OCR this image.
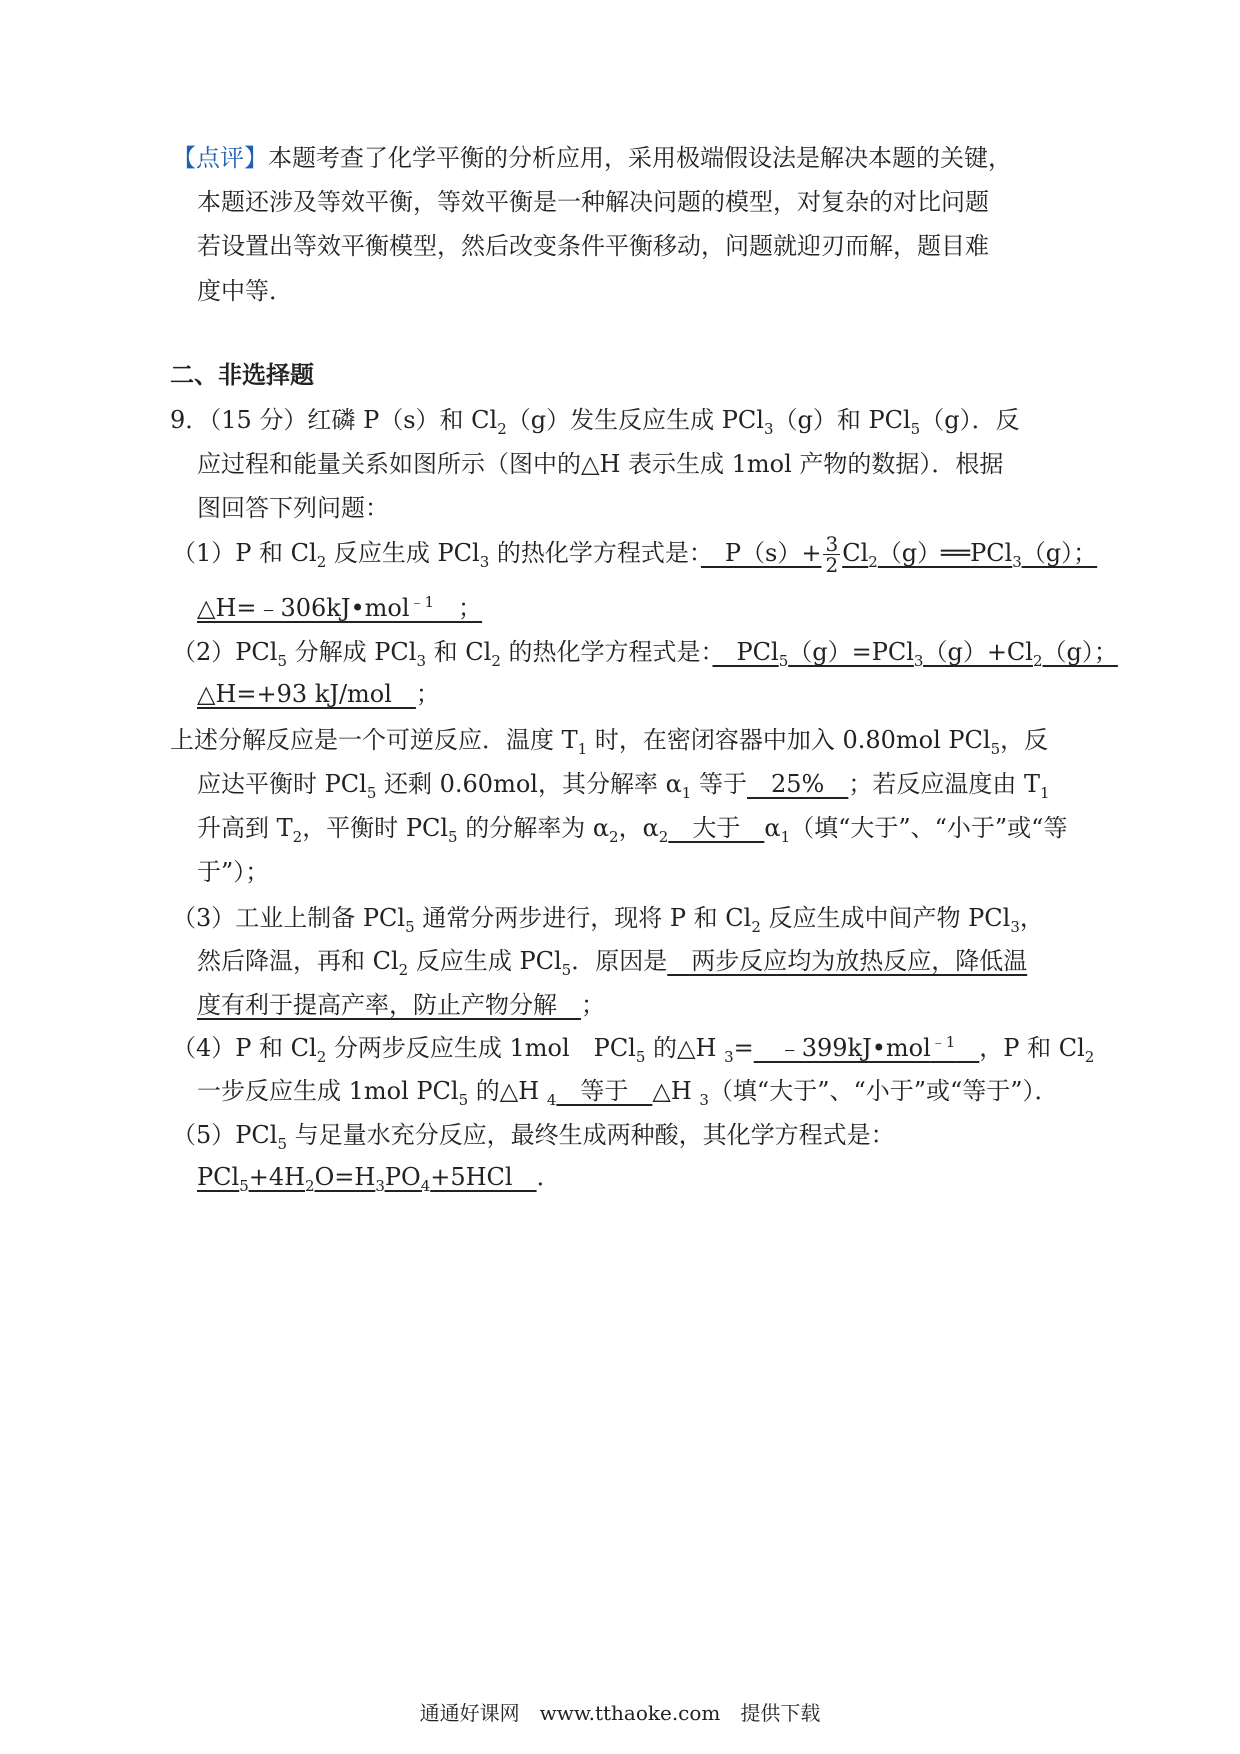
【点评】本题考查了化学平衡的分析应用，采用极端假设法是解决本题的关键，
本题还涉及等效平衡，等效平衡是一种解决问题的模型，对复杂的对比问题
若设置出等效平衡模型，然后改变条件平衡移动，问题就迎刃而解，题目难
度中等．
二、非选择题
9．（15 分）红磷 P（s）和 $Cl_2(g)$发生反应生成 PCl$_3$（g）和 PCl$_5$（g）．反
应过程和能量关系如图所示（图中的△H 表示生成 1mol 产物的数据）．根据
图回答下列问题：
（1）P 和 $Cl_2$ 反应生成 PCl$_3$ 的热化学方程式是：　$P(s)+ \frac{3}{2}$ $Cl_2(g)══PCl_3(g)$；
△H=﹣306kJ•mol$^{﹣1}$　；
（2）PCl$_5$ 分解成 PCl$_3$ 和 $Cl_2$ 的热化学方程式是：　$PCl_5(g)=PCl_3(g)+Cl_2(g)$；
△H=+93 kJ/mol　；
上述分解反应是一个可逆反应．温度 $T_1$ 时，在密闭容器中加入 0.80mol PCl$_5$，反
应达平衡时 PCl$_5$ 还剩 0.60mol，其分解率 $\alpha_1$ 等于　25%　；若反应温度由 $T_1$
升高到 $T_2$，平衡时 PCl$_5$ 的分解率为 $\alpha_2$，$\alpha_2$　大于　$\alpha_1$（填“大于”、“小于”或“等
于”）；
（3）工业上制备 PCl$_5$ 通常分两步进行，现将 P 和 $Cl_2$ 反应生成中间产物 PCl$_3$，
然后降温，再和 $Cl_2$ 反应生成 PCl$_5$．原因是　两步反应均为放热反应，降低温
度有利于提高产率，防止产物分解　；
（4）P 和 $Cl_2$ 分两步反应生成 1mol　PCl$_5$ 的△H $_3$=　﹣399kJ•mol$^{﹣1}$　 ，P 和 $Cl_2$
一步反应生成 1mol PCl$_5$ 的△H $_4$　等于　△H $_3$（填“大于”、“小于”或“等于”）．
（5）PCl$_5$ 与足量水充分反应，最终生成两种酸，其化学方程式是：
$PCl_5+4H_2O=H_3PO_4+5HCl$　．
通通好课网　www.tthaoke.com　提供下载
